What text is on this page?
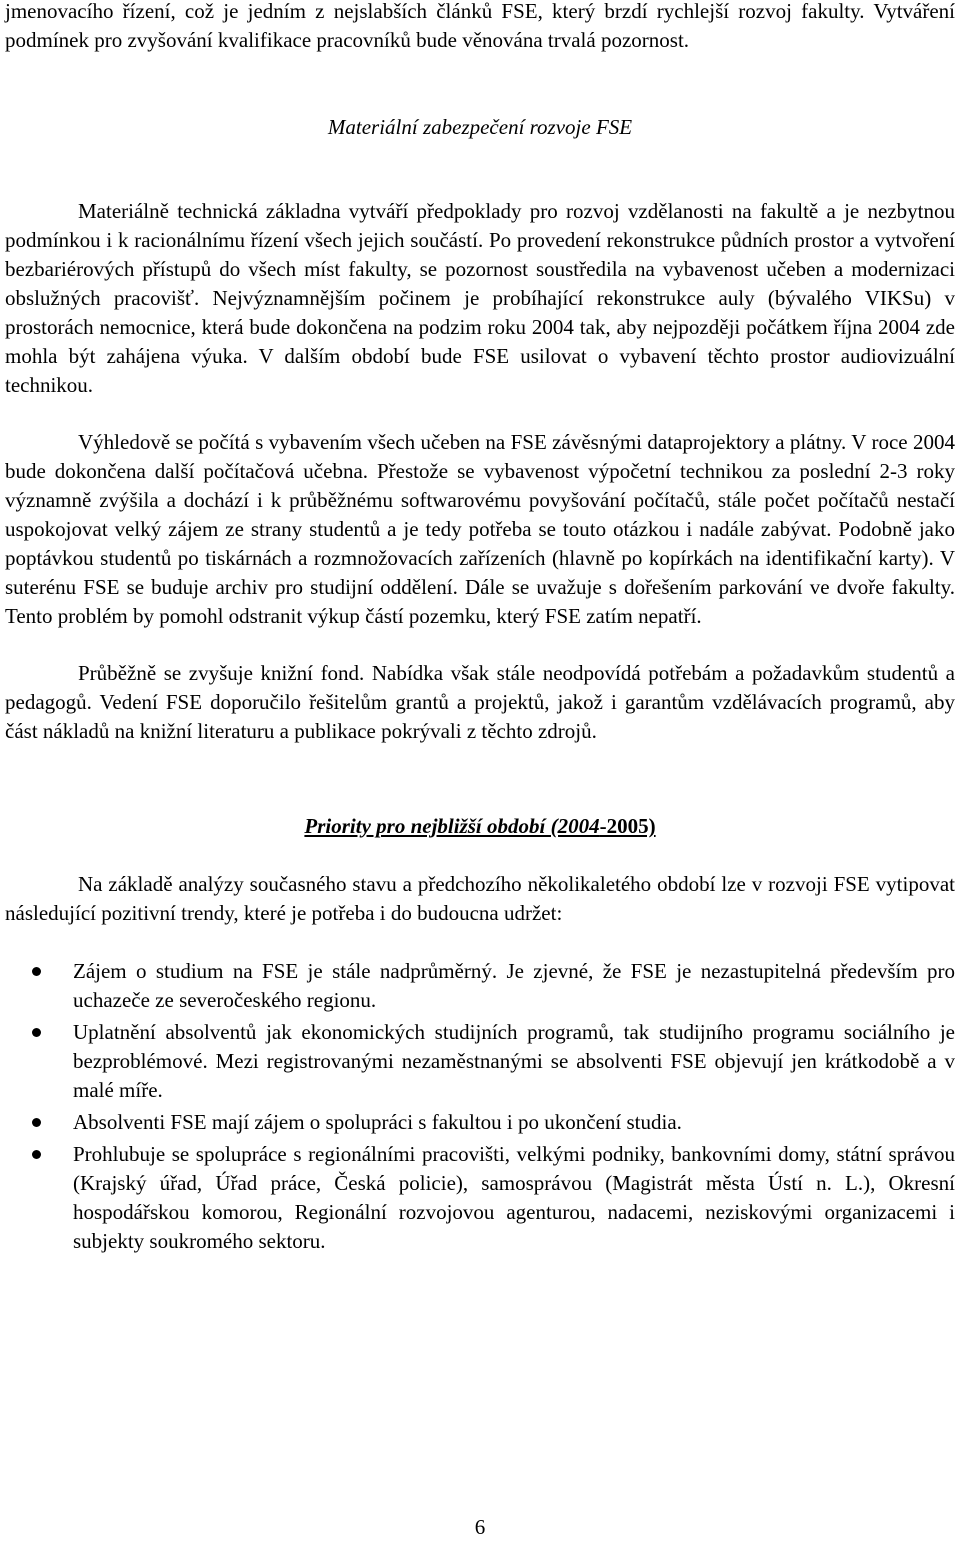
jmenovacího řízení, což je jedním z nejslabších článků FSE, který brzdí rychlejší rozvoj fakulty. Vytváření podmínek pro zvyšování kvalifikace pracovníků bude věnována trvalá pozornost.

Materiální zabezpečení rozvoje FSE

Materiálně technická základna vytváří předpoklady pro rozvoj vzdělanosti na fakultě a je nezbytnou podmínkou i k racionálnímu řízení všech jejich součástí. Po provedení rekonstrukce půdních prostor a vytvoření bezbariérových přístupů do všech míst fakulty, se pozornost soustředila na vybavenost učeben a modernizaci obslužných pracovišť. Nejvýznamnějším počinem je probíhající rekonstrukce auly (bývalého VIKSu) v prostorách nemocnice, která bude dokončena na podzim roku 2004 tak, aby nejpozději počátkem října 2004 zde mohla být zahájena výuka. V dalším období bude FSE usilovat o vybavení těchto prostor audiovizuální technikou.

Výhledově se počítá s vybavením všech učeben na FSE závěsnými dataprojektory a plátny. V roce 2004 bude dokončena další počítačová učebna. Přestože se vybavenost výpočetní technikou za poslední 2-3 roky významně zvýšila a dochází i k průběžnému softwarovému povyšování počítačů, stále počet počítačů nestačí uspokojovat velký zájem ze strany studentů a je tedy potřeba se touto otázkou i nadále zabývat. Podobně jako poptávkou studentů po tiskárnách a rozmnožovacích zařízeních (hlavně po kopírkách na identifikační karty). V suterénu FSE se buduje archiv pro studijní oddělení. Dále se uvažuje s dořešením parkování ve dvoře fakulty. Tento problém by pomohl odstranit výkup částí pozemku, který FSE zatím nepatří.

Průběžně se zvyšuje knižní fond. Nabídka však stále neodpovídá potřebám a požadavkům studentů a pedagogů. Vedení FSE doporučilo řešitelům grantů a projektů, jakož i garantům vzdělávacích programů, aby část nákladů na knižní literaturu a publikace pokrývali z těchto zdrojů.

Priority pro nejbližší období (2004-2005)

Na základě analýzy současného stavu a předchozího několikaletého období lze v rozvoji FSE vytipovat následující pozitivní trendy, které je potřeba i do budoucna udržet:

Zájem o studium na FSE je stále nadprůměrný. Je zjevné, že FSE je nezastupitelná především pro uchazeče ze severočeského regionu.
Uplatnění absolventů jak ekonomických studijních programů, tak studijního programu sociálního je bezproblémové. Mezi registrovanými nezaměstnanými se absolventi FSE objevují jen krátkodobě a v malé míře.
Absolventi FSE mají zájem o spolupráci s fakultou i po ukončení studia.
Prohlubuje se spolupráce s regionálními pracovišti, velkými podniky, bankovními domy, státní správou (Krajský úřad, Úřad práce, Česká policie), samosprávou (Magistrát města Ústí n. L.), Okresní hospodářskou komorou, Regionální rozvojovou agenturou, nadacemi, neziskovými organizacemi i subjekty soukromého sektoru.
6
